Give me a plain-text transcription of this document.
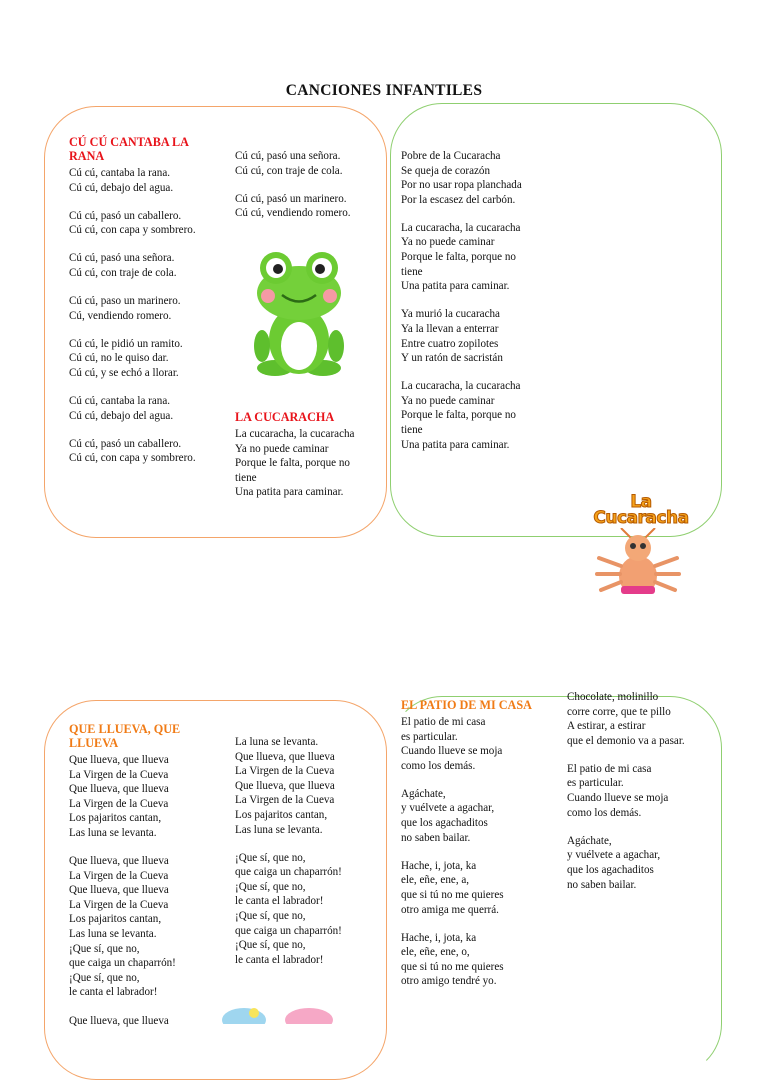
CANCIONES INFANTILES
CÚ CÚ CANTABA LA RANA
Cú cú, cantaba la rana.
Cú cú, debajo del agua.
Cú cú, pasó un caballero.
Cú cú, con capa y sombrero.
Cú cú, pasó una señora.
Cú cú, con traje de cola.
Cú cú, paso un marinero.
Cú, vendiendo romero.
Cú cú, le pidió un ramito.
Cú cú, no le quiso dar.
Cú cú, y se echó a llorar.
Cú cú, cantaba la rana.
Cú cú, debajo del agua.
Cú cú, pasó un caballero.
Cú cú, con capa y sombrero.
Cú cú, pasó una señora.
Cú cú, con traje de cola.
Cú cú, pasó un marinero.
Cú cú, vendiendo romero.
LA CUCARACHA
La cucaracha, la cucaracha
Ya no puede caminar
Porque le falta, porque no tiene
Una patita para caminar.
Pobre de la Cucaracha
Se queja de corazón
Por no usar ropa planchada
Por la escasez del carbón.
La cucaracha, la cucaracha
Ya no puede caminar
Porque le falta, porque no tiene
Una patita para caminar.
Ya murió la cucaracha
Ya la llevan a enterrar
Entre cuatro zopilotes
Y un ratón de sacristán
La cucaracha, la cucaracha
Ya no puede caminar
Porque le falta, porque no tiene
Una patita para caminar.
La Cucaracha
QUE LLUEVA, QUE LLUEVA
Que llueva, que llueva
La Virgen de la Cueva
Que llueva, que llueva
La Virgen de la Cueva
Los pajaritos cantan,
Las luna se levanta.
Que llueva, que llueva
La Virgen de la Cueva
Que llueva, que llueva
La Virgen de la Cueva
Los pajaritos cantan,
Las luna se levanta.
¡Que sí, que no,
que caiga un chaparrón!
¡Que sí, que no,
le canta el labrador!
Que llueva, que llueva
La luna se levanta.
Que llueva, que llueva
La Virgen de la Cueva
Que llueva, que llueva
La Virgen de la Cueva
Los pajaritos cantan,
Las luna se levanta.
¡Que sí, que no,
que caiga un chaparrón!
¡Que sí, que no,
le canta el labrador!
¡Que sí, que no,
que caiga un chaparrón!
¡Que sí, que no,
le canta el labrador!
EL PATIO DE MI CASA
El patio de mi casa
es particular.
Cuando llueve se moja
como los demás.
Agáchate,
y vuélvete a agachar,
que los agachaditos
no saben bailar.
Hache, i, jota, ka
ele, eñe, ene, a,
que si tú no me quieres
otro amiga me querrá.
Hache, i, jota, ka
ele, eñe, ene, o,
que si tú no me quieres
otro amigo tendré yo.
Chocolate, molinillo
corre corre, que te pillo
A estirar, a estirar
que el demonio va a pasar.
El patio de mi casa
es particular.
Cuando llueve se moja
como los demás.
Agáchate,
y vuélvete a agachar,
que los agachaditos
no saben bailar.
